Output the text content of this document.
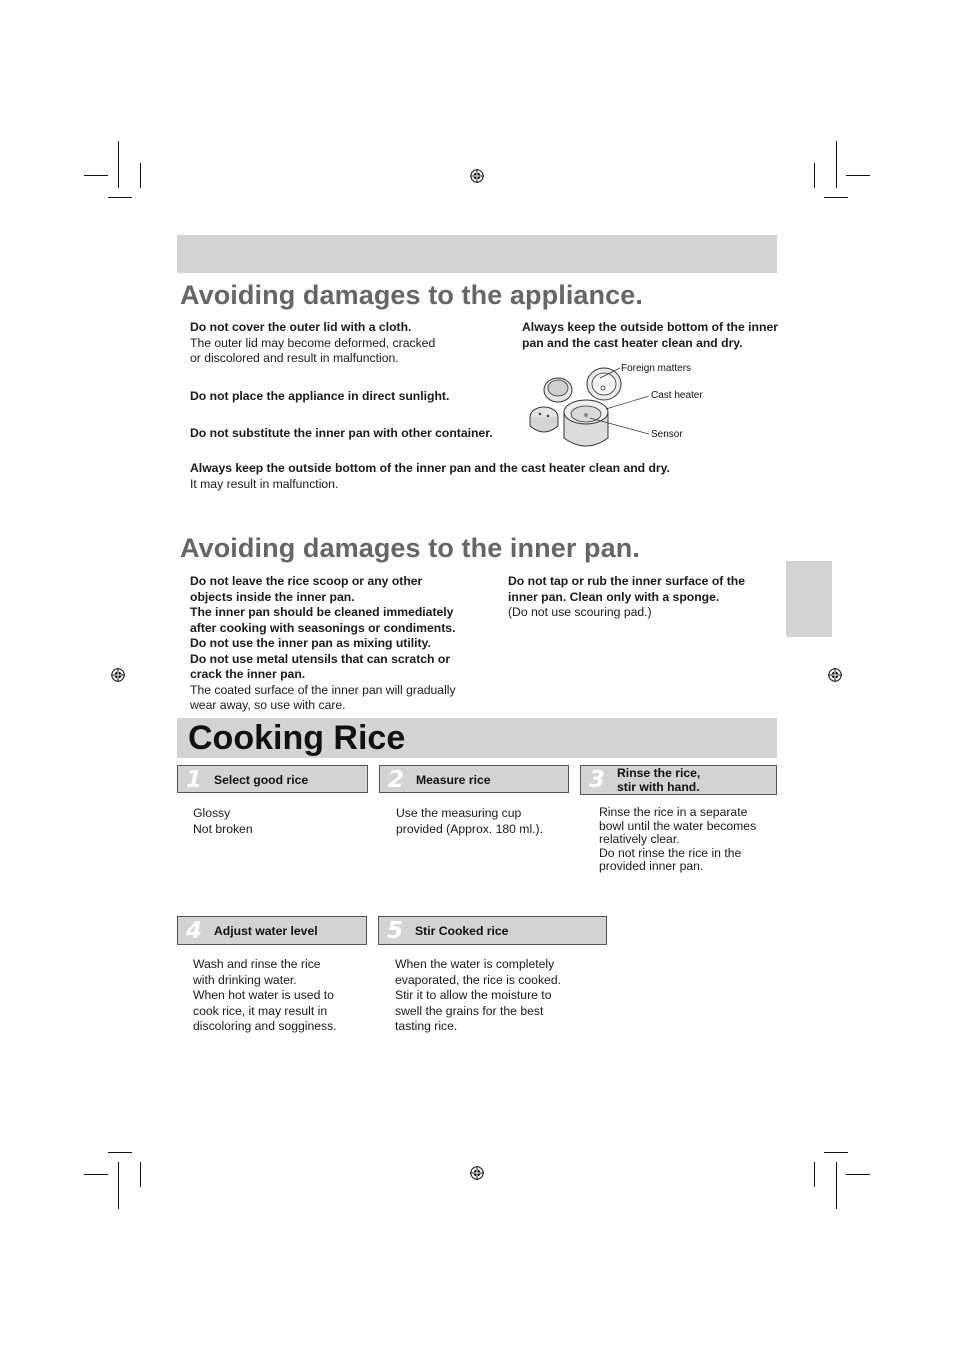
Avoiding damages to the appliance.
Do not cover the outer lid with a cloth.
The outer lid may become deformed, cracked
or discolored and result in malfunction.
Do not place the appliance in direct sunlight.
Do not substitute the inner pan with other container.
Always keep the outside bottom of the inner pan and the cast heater clean and dry.
It may result in malfunction.
Always keep the outside bottom of the inner
pan and the cast heater clean and dry.
Foreign matters
Cast heater
Sensor
Avoiding damages to the inner pan.
Do not leave the rice scoop or any other
objects inside the inner pan.
The inner pan should be cleaned immediately
after cooking with seasonings or condiments.
Do not use the inner pan as mixing utility.
Do not use metal utensils that can scratch or
crack the inner pan.
The coated surface of the inner pan will gradually
wear away, so use with care.
Do not tap or rub the inner surface of the
inner pan. Clean only with a sponge.
(Do not use scouring pad.)
Cooking Rice
1 Select good rice
Glossy
Not broken
2 Measure rice
Use the measuring cup
provided (Approx. 180 ml.).
3 Rinse the rice,
stir with hand.
Rinse the rice in a separate
bowl until the water becomes
relatively clear.
Do not rinse the rice in the
provided inner pan.
4 Adjust water level
Wash and rinse the rice
with drinking water.
When hot water is used to
cook rice, it may result in
discoloring and sogginess.
5 Stir Cooked rice
When the water is completely
evaporated, the rice is cooked.
Stir it to allow the moisture to
swell the grains for the best
tasting rice.
